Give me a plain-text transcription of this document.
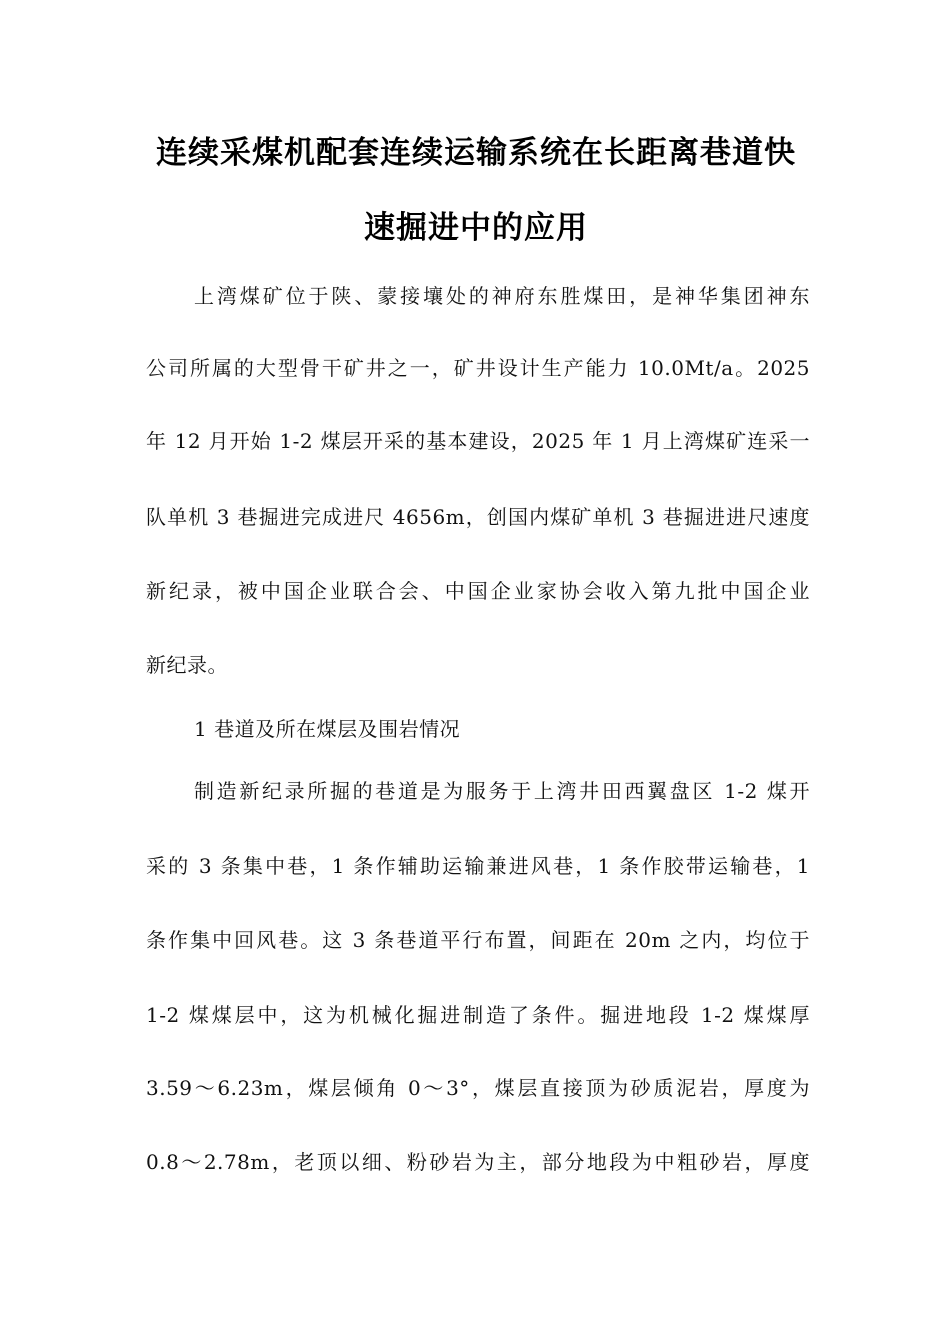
连续采煤机配套连续运输系统在长距离巷道快
速掘进中的应用
上湾煤矿位于陕、蒙接壤处的神府东胜煤田，是神华集团神东
公司所属的大型骨干矿井之一，矿井设计生产能力 10.0Mt/a。2025
年 12 月开始 1-2 煤层开采的基本建设，2025 年 1 月上湾煤矿连采一
队单机 3 巷掘进完成进尺 4656m，创国内煤矿单机 3 巷掘进进尺速度
新纪录，被中国企业联合会、中国企业家协会收入第九批中国企业
新纪录。
1 巷道及所在煤层及围岩情况
制造新纪录所掘的巷道是为服务于上湾井田西翼盘区 1-2 煤开
采的 3 条集中巷，1 条作辅助运输兼进风巷，1 条作胶带运输巷，1
条作集中回风巷。这 3 条巷道平行布置，间距在 20m 之内，均位于
1-2 煤煤层中，这为机械化掘进制造了条件。掘进地段 1-2 煤煤厚
3.59～6.23m，煤层倾角 0～3°，煤层直接顶为砂质泥岩，厚度为
0.8～2.78m，老顶以细、粉砂岩为主，部分地段为中粗砂岩，厚度
